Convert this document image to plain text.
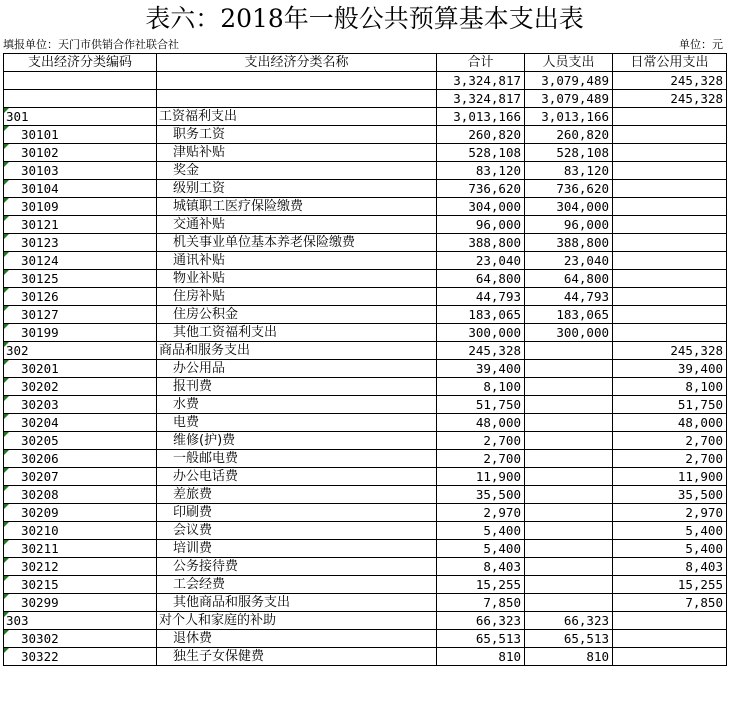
表六：2018年一般公共预算基本支出表
填报单位：天门市供销合作社联合社	单位：元
支出经济分类编码	支出经济分类名称	合计	人员支出	日常公用支出
		3,324,817	3,079,489	245,328
		3,324,817	3,079,489	245,328
301	工资福利支出	3,013,166	3,013,166	
30101	职务工资	260,820	260,820	
30102	津贴补贴	528,108	528,108	
30103	奖金	83,120	83,120	
30104	级别工资	736,620	736,620	
30109	城镇职工医疗保险缴费	304,000	304,000	
30121	交通补贴	96,000	96,000	
30123	机关事业单位基本养老保险缴费	388,800	388,800	
30124	通讯补贴	23,040	23,040	
30125	物业补贴	64,800	64,800	
30126	住房补贴	44,793	44,793	
30127	住房公积金	183,065	183,065	
30199	其他工资福利支出	300,000	300,000	
302	商品和服务支出	245,328		245,328
30201	办公用品	39,400		39,400
30202	报刊费	8,100		8,100
30203	水费	51,750		51,750
30204	电费	48,000		48,000
30205	维修(护)费	2,700		2,700
30206	一般邮电费	2,700		2,700
30207	办公电话费	11,900		11,900
30208	差旅费	35,500		35,500
30209	印刷费	2,970		2,970
30210	会议费	5,400		5,400
30211	培训费	5,400		5,400
30212	公务接待费	8,403		8,403
30215	工会经费	15,255		15,255
30299	其他商品和服务支出	7,850		7,850
303	对个人和家庭的补助	66,323	66,323	
30302	退休费	65,513	65,513	
30322	独生子女保健费	810	810	
